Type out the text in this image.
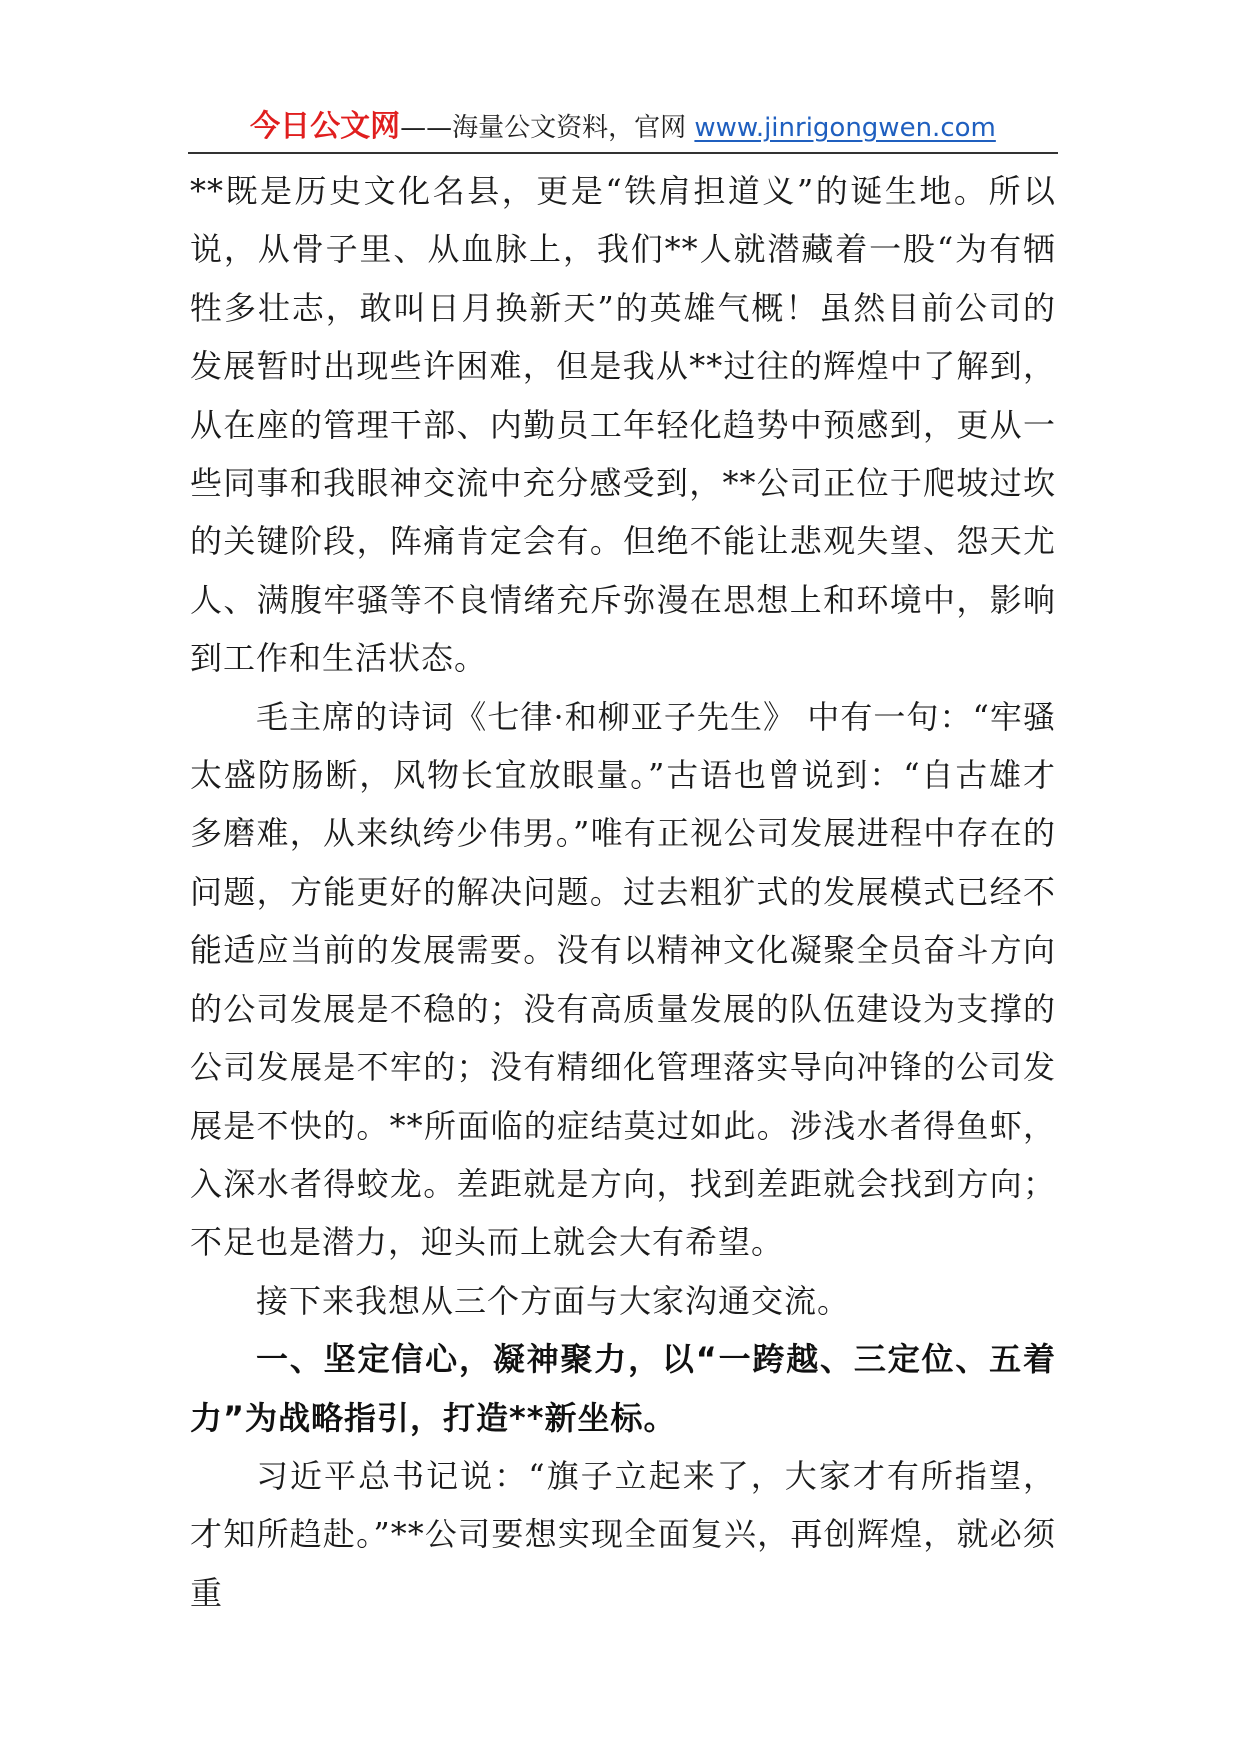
今日公文网——海量公文资料，官网 www.jinrigongwen.com

**既是历史文化名县，更是“铁肩担道义”的诞生地。所以说，从骨子里、从血脉上，我们**人就潜藏着一股“为有牺牲多壮志，敢叫日月换新天”的英雄气概！虽然目前公司的发展暂时出现些许困难，但是我从**过往的辉煌中了解到，从在座的管理干部、内勤员工年轻化趋势中预感到，更从一些同事和我眼神交流中充分感受到，**公司正位于爬坡过坎的关键阶段，阵痛肯定会有。但绝不能让悲观失望、怨天尤人、满腹牢骚等不良情绪充斥弥漫在思想上和环境中，影响到工作和生活状态。

毛主席的诗词《七律·和柳亚子先生》 中有一句：“牢骚太盛防肠断，风物长宜放眼量。”古语也曾说到：“自古雄才多磨难，从来纨绔少伟男。”唯有正视公司发展进程中存在的问题，方能更好的解决问题。过去粗犷式的发展模式已经不能适应当前的发展需要。没有以精神文化凝聚全员奋斗方向的公司发展是不稳的；没有高质量发展的队伍建设为支撑的公司发展是不牢的；没有精细化管理落实导向冲锋的公司发展是不快的。**所面临的症结莫过如此。涉浅水者得鱼虾，入深水者得蛟龙。差距就是方向，找到差距就会找到方向；不足也是潜力，迎头而上就会大有希望。

接下来我想从三个方面与大家沟通交流。

一、坚定信心，凝神聚力，以“一跨越、三定位、五着力”为战略指引，打造**新坐标。

习近平总书记说：“旗子立起来了，大家才有所指望，才知所趋赴。”**公司要想实现全面复兴，再创辉煌，就必须重
